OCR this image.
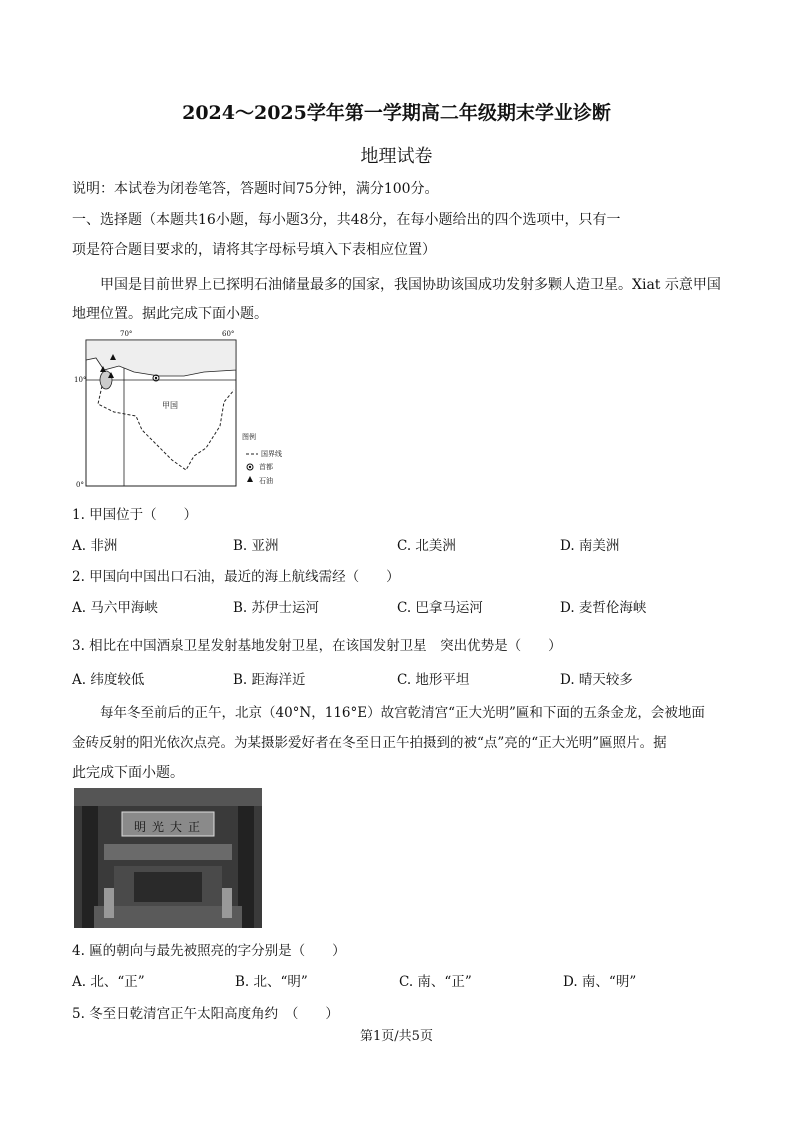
2024～2025学年第一学期高二年级期末学业诊断
地理试卷
说明：本试卷为闭卷笔答，答题时间75分钟，满分100分。
一、选择题（本题共16小题，每小题3分，共48分，在每小题给出的四个选项中，只有一
项是符合题目要求的，请将其字母标号填入下表相应位置）
甲国是目前世界上已探明石油储量最多的国家，我国协助该国成功发射多颗人造卫星。Xiat 示意甲国
地理位置。据此完成下面小题。
70°	60°
10°
0°
甲国
图例
国界线
首都
石油
1. 甲国位于（　　）
A. 非洲	B. 亚洲	C. 北美洲	D. 南美洲
2. 甲国向中国出口石油，最近的海上航线需经（　　）
A. 马六甲海峡	B. 苏伊士运河	C. 巴拿马运河	D. 麦哲伦海峡
3. 相比在中国酒泉卫星发射基地发射卫星，在该国发射卫星　突出优势是（　　）
A. 纬度较低	B. 距海洋近	C. 地形平坦	D. 晴天较多
每年冬至前后的正午，北京（40°N，116°E）故宫乾清宫“正大光明”匾和下面的五条金龙，会被地面
金砖反射的阳光依次点亮。为某摄影爱好者在冬至日正午拍摄到的被“点”亮的“正大光明”匾照片。据
此完成下面小题。
明光大正
4. 匾的朝向与最先被照亮的字分别是（　　）
A. 北、“正”	B. 北、“明”	C. 南、“正”	D. 南、“明”
5. 冬至日乾清宫正午太阳高度角约　（　　）
第1页/共5页
